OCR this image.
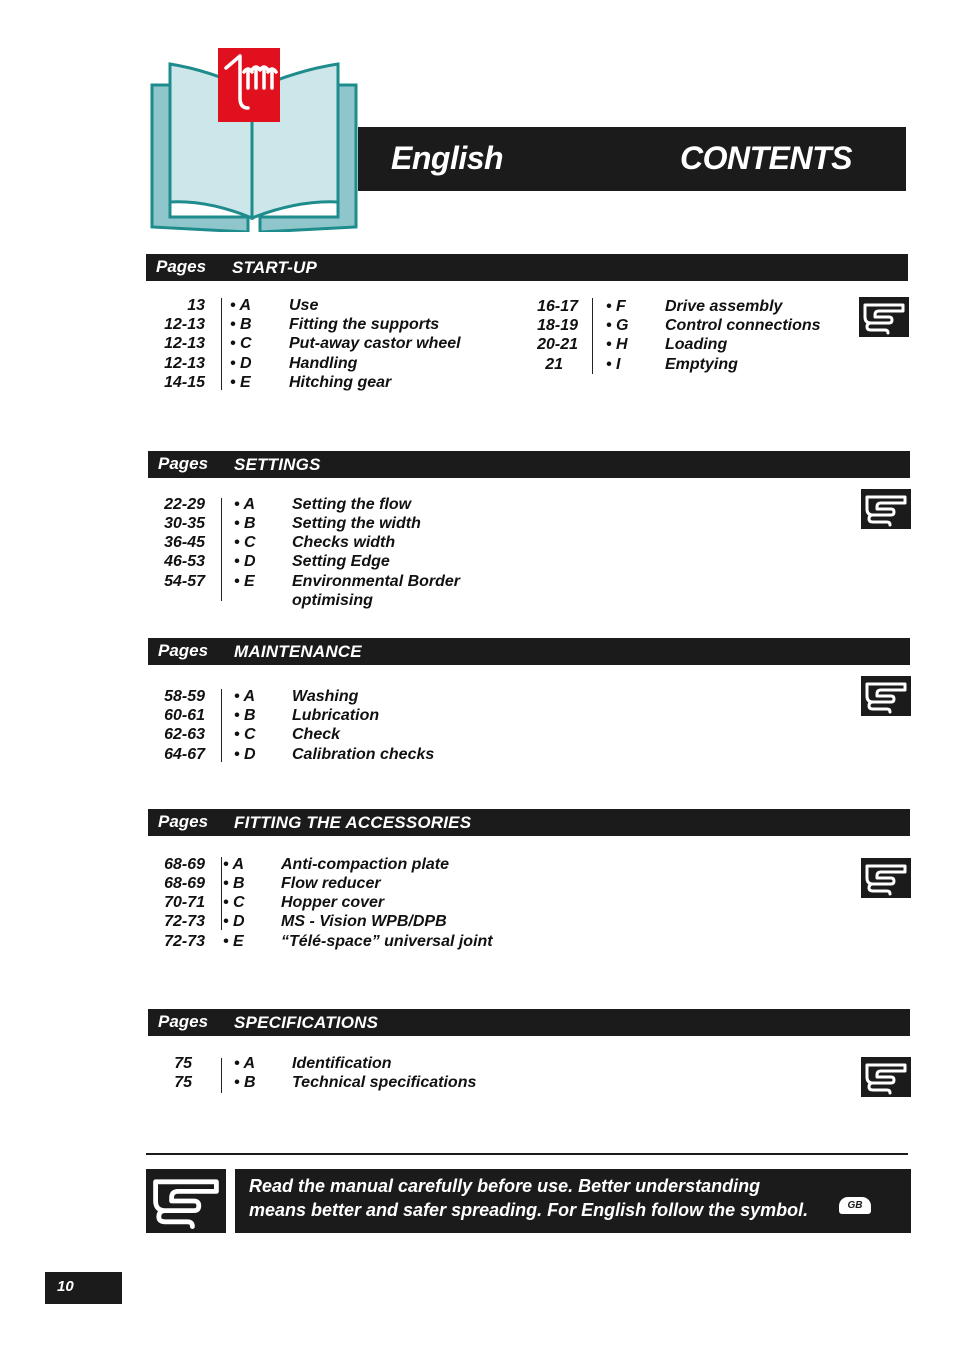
English	CONTENTS
Pages START-UP
13 • A Use
12-13 • B Fitting the supports
12-13 • C Put-away castor wheel
12-13 • D Handling
14-15 • E Hitching gear
16-17 • F Drive assembly
18-19 • G Control connections
20-21 • H Loading
21	• I	Emptying
Pages SETTINGS
22-29 • A Setting the flow
30-35 • B Setting the width
36-45 • C Checks width
46-53 • D Setting Edge
54-57 • E Environmental Border
optimising
Pages MAINTENANCE
58-59 • A Washing
60-61 • B Lubrication
62-63 • C Check
64-67 • D Calibration checks
Pages FITTING THE ACCESSORIES
68-69 • A Anti-compaction plate
68-69 • B Flow reducer
70-71 • C Hopper cover
72-73 • D MS - Vision WPB/DPB
72-73 • E “Télé-space” universal joint
Pages SPECIFICATIONS
75	• A Identification
75	• B Technical specifications
Read the manual carefully before use. Better understanding
means better and safer spreading. For English follow the symbol.	GB
10
